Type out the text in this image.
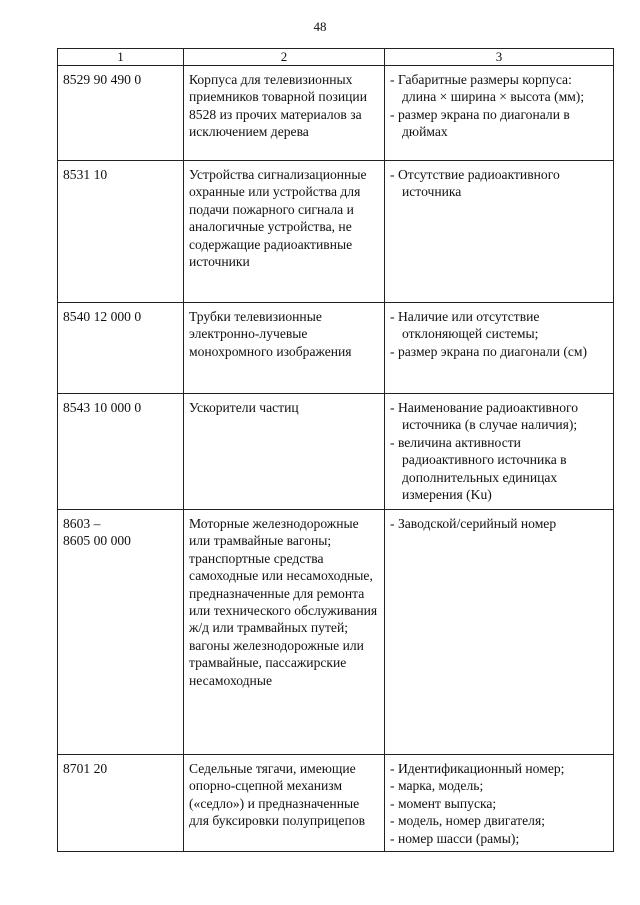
48
1	2	3

8529 90 490 0	Корпуса для телевизионных приемников товарной позиции 8528 из прочих материалов за исключением дерева	- Габаритные размеры корпуса: длина × ширина × высота (мм);
- размер экрана по диагонали в дюймах

8531 10	Устройства сигнализационные охранные или устройства для подачи пожарного сигнала и аналогичные устройства, не содержащие радиоактивные источники	- Отсутствие радиоактивного источника

8540 12 000 0	Трубки телевизионные электронно-лучевые монохромного изображения	- Наличие или отсутствие отклоняющей системы;
- размер экрана по диагонали (см)

8543 10 000 0	Ускорители частиц	- Наименование радиоактивного источника (в случае наличия);
- величина активности радиоактивного источника в дополнительных единицах измерения (Ku)

8603 –
8605 00 000	Моторные железнодорожные или трамвайные вагоны; транспортные средства самоходные или несамоходные, предназначенные для ремонта или технического обслуживания ж/д или трамвайных путей; вагоны железнодорожные или трамвайные, пассажирские несамоходные	- Заводской/серийный номер

8701 20	Седельные тягачи, имеющие опорно-сцепной механизм («седло») и предназначенные для буксировки полуприцепов	- Идентификационный номер;
- марка, модель;
- момент выпуска;
- модель, номер двигателя;
- номер шасси (рамы);
